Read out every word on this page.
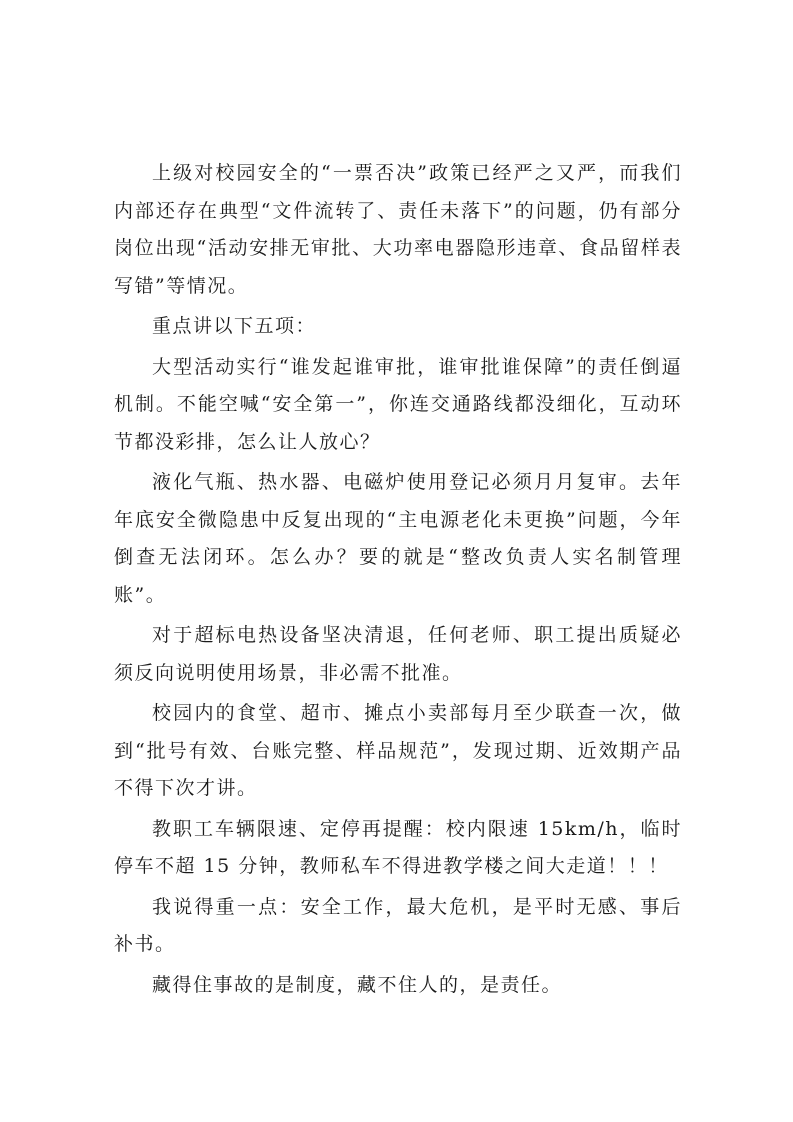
上级对校园安全的“一票否决”政策已经严之又严，而我们内部还存在典型“文件流转了、责任未落下”的问题，仍有部分岗位出现“活动安排无审批、大功率电器隐形违章、食品留样表写错”等情况。

重点讲以下五项：

大型活动实行“谁发起谁审批，谁审批谁保障”的责任倒逼机制。不能空喊“安全第一”，你连交通路线都没细化，互动环节都没彩排，怎么让人放心？

液化气瓶、热水器、电磁炉使用登记必须月月复审。去年年底安全微隐患中反复出现的“主电源老化未更换”问题，今年倒查无法闭环。怎么办？要的就是“整改负责人实名制管理账”。

对于超标电热设备坚决清退，任何老师、职工提出质疑必须反向说明使用场景，非必需不批准。

校园内的食堂、超市、摊点小卖部每月至少联查一次，做到“批号有效、台账完整、样品规范”，发现过期、近效期产品不得下次才讲。

教职工车辆限速、定停再提醒：校内限速 15km/h，临时停车不超 15 分钟，教师私车不得进教学楼之间大走道！！！

我说得重一点：安全工作，最大危机，是平时无感、事后补书。

藏得住事故的是制度，藏不住人的，是责任。
